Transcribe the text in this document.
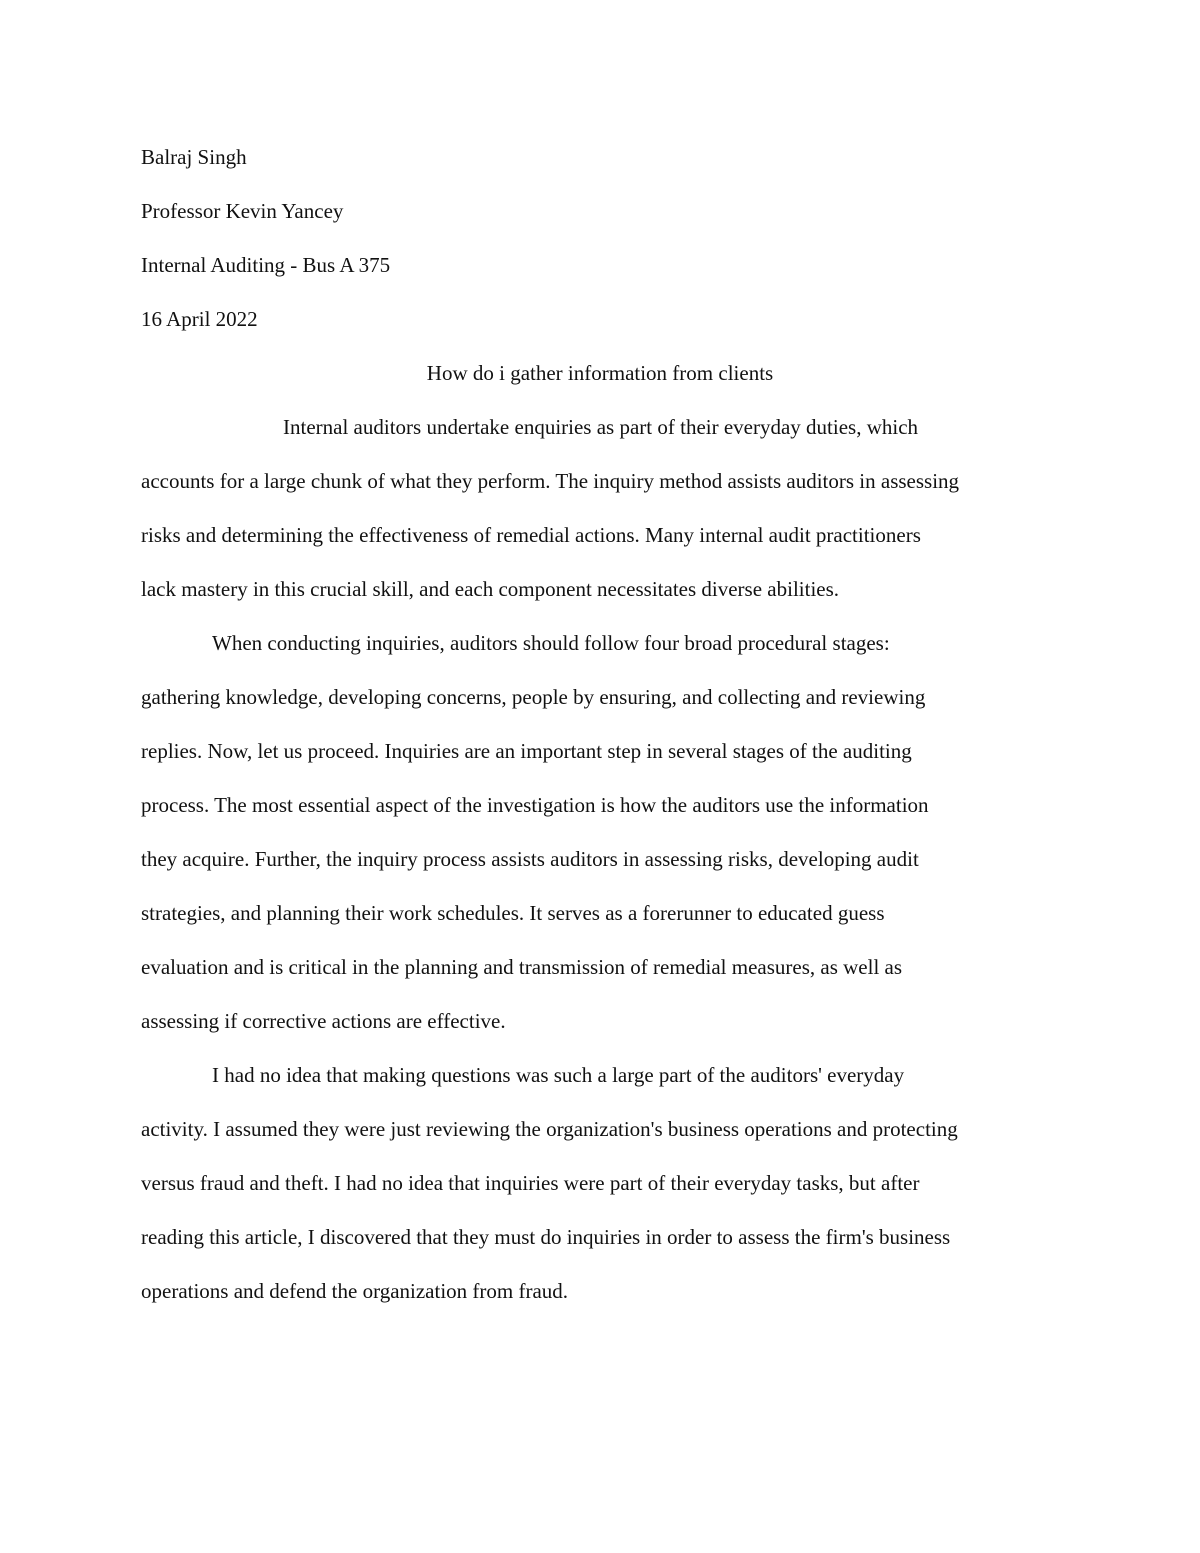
Balraj Singh

Professor Kevin Yancey

Internal Auditing - Bus A 375

16 April 2022

How do i gather information from clients

Internal auditors undertake enquiries as part of their everyday duties, which

accounts for a large chunk of what they perform. The inquiry method assists auditors in assessing

risks and determining the effectiveness of remedial actions. Many internal audit practitioners

lack mastery in this crucial skill, and each component necessitates diverse abilities.

When conducting inquiries, auditors should follow four broad procedural stages:

gathering knowledge, developing concerns, people by ensuring, and collecting and reviewing

replies. Now, let us proceed. Inquiries are an important step in several stages of the auditing

process. The most essential aspect of the investigation is how the auditors use the information

they acquire. Further, the inquiry process assists auditors in assessing risks, developing audit

strategies, and planning their work schedules. It serves as a forerunner to educated guess

evaluation and is critical in the planning and transmission of remedial measures, as well as

assessing if corrective actions are effective.

I had no idea that making questions was such a large part of the auditors' everyday

activity. I assumed they were just reviewing the organization's business operations and protecting

versus fraud and theft. I had no idea that inquiries were part of their everyday tasks, but after

reading this article, I discovered that they must do inquiries in order to assess the firm's business

operations and defend the organization from fraud.
